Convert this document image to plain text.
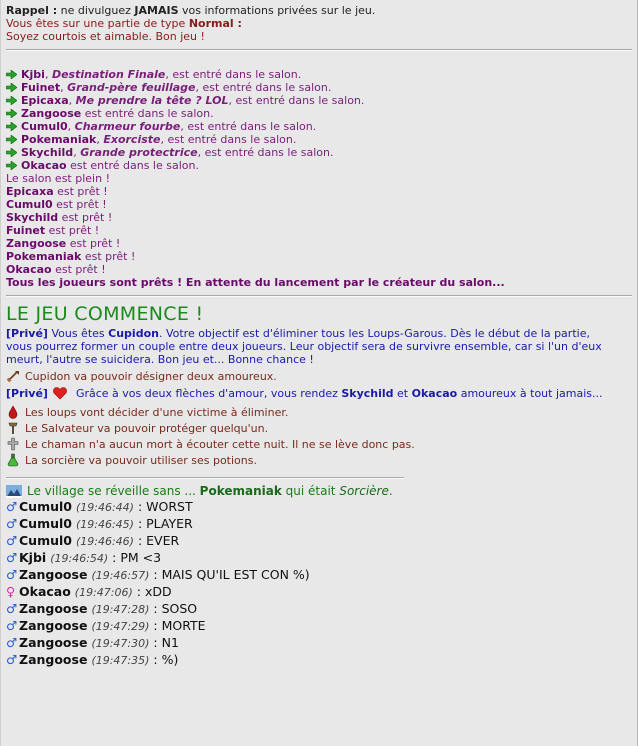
Rappel : ne divulguez JAMAIS vos informations privées sur le jeu.
Vous êtes sur une partie de type Normal :
Soyez courtois et aimable. Bon jeu !
Kjbi, Destination Finale, est entré dans le salon.
Fuinet, Grand-père feuillage, est entré dans le salon.
Epicaxa, Me prendre la tête ? LOL, est entré dans le salon.
Zangoose est entré dans le salon.
Cumul0, Charmeur fourbe, est entré dans le salon.
Pokemaniak, Exorciste, est entré dans le salon.
Skychild, Grande protectrice, est entré dans le salon.
Okacao est entré dans le salon.
Le salon est plein !
Epicaxa est prêt !
Cumul0 est prêt !
Skychild est prêt !
Fuinet est prêt !
Zangoose est prêt !
Pokemaniak est prêt !
Okacao est prêt !
Tous les joueurs sont prêts ! En attente du lancement par le créateur du salon...
LE JEU COMMENCE !
[Privé] Vous êtes Cupidon. Votre objectif est d'éliminer tous les Loups-Garous. Dès le début de la partie,
vous pourrez former un couple entre deux joueurs. Leur objectif sera de survivre ensemble, car si l'un d'eux
meurt, l'autre se suicidera. Bon jeu et... Bonne chance !
Cupidon va pouvoir désigner deux amoureux.
[Privé]  Grâce à vos deux flèches d'amour, vous rendez Skychild et Okacao amoureux à tout jamais...
Les loups vont décider d'une victime à éliminer.
Le Salvateur va pouvoir protéger quelqu'un.
Le chaman n'a aucun mort à écouter cette nuit. Il ne se lève donc pas.
La sorcière va pouvoir utiliser ses potions.
Le village se réveille sans ... Pokemaniak qui était Sorcière.
♂ Cumul0 (19:46:44) : WORST
♂ Cumul0 (19:46:45) : PLAYER
♂ Cumul0 (19:46:46) : EVER
♂ Kjbi (19:46:54) : PM <3
♂ Zangoose (19:46:57) : MAIS QU'IL EST CON %)
♀ Okacao (19:47:06) : xDD
♂ Zangoose (19:47:28) : SOSO
♂ Zangoose (19:47:29) : MORTE
♂ Zangoose (19:47:30) : N1
♂ Zangoose (19:47:35) : %)
